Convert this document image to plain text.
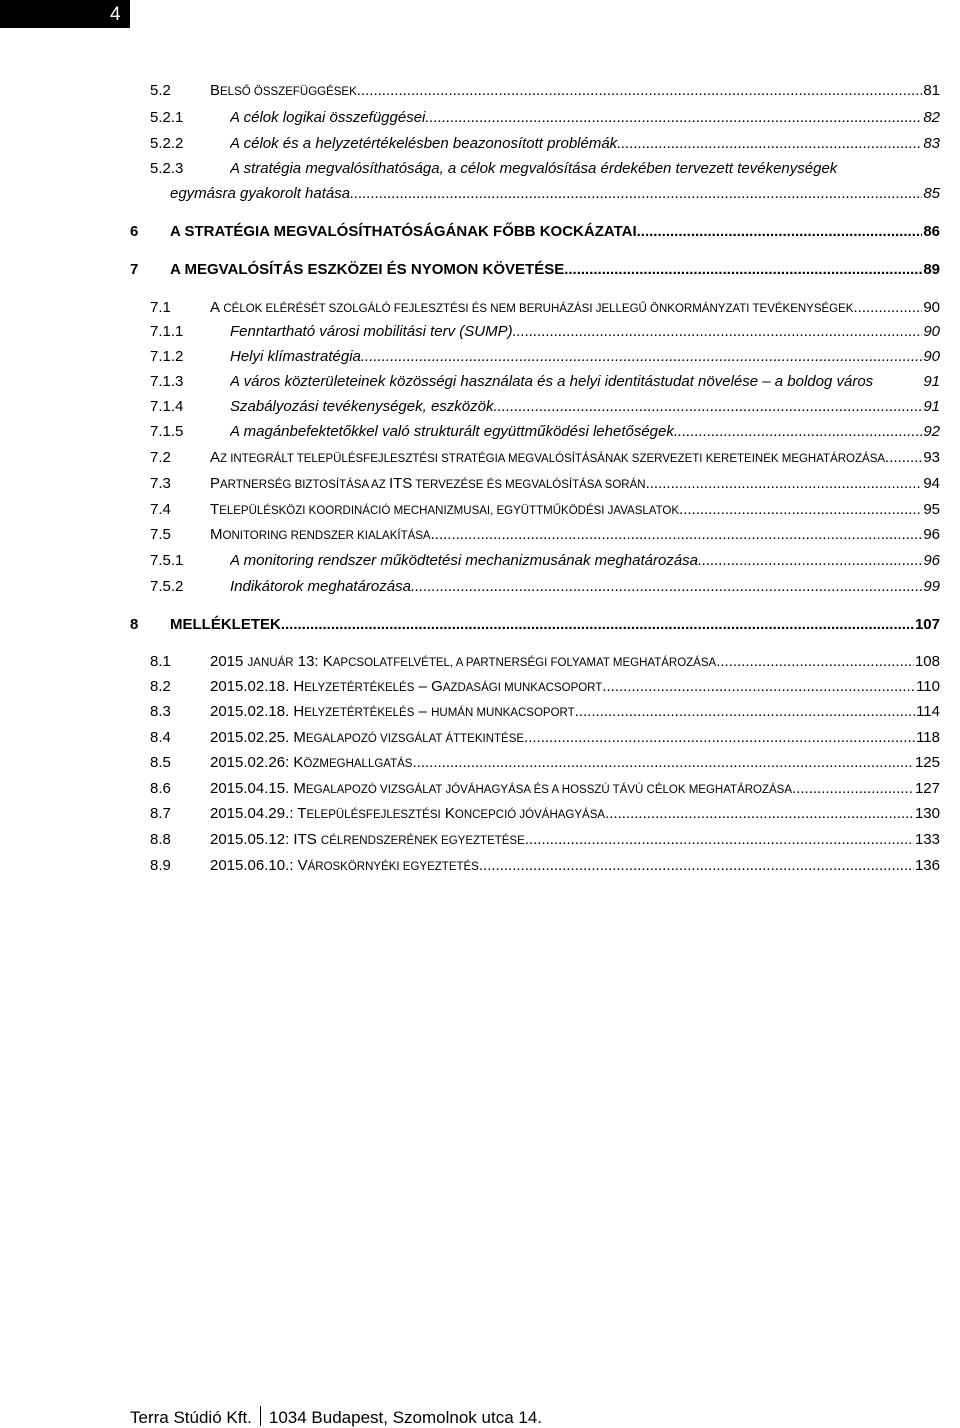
4
5.2	BELSŐ ÖSSZEFÜGGÉSEK .....	81
5.2.1	A célok logikai összefüggései .....	82
5.2.2	A célok és a helyzetértékelésben beazonosított problémák .....	83
5.2.3	A stratégia megvalósíthatósága, a célok megvalósítása érdekében tervezett tevékenységek
egymásra gyakorolt hatása .....	85
6 A STRATÉGIA MEGVALÓSÍTHATÓSÁGÁNAK FŐBB KOCKÁZATAI .....	86
7 A MEGVALÓSÍTÁS ESZKÖZEI ÉS NYOMON KÖVETÉSE .....	89
7.1	A CÉLOK ELÉRÉSÉT SZOLGÁLÓ FEJLESZTÉSI ÉS NEM BERUHÁZÁSI JELLEGŰ ÖNKORMÁNYZATI TEVÉKENYSÉGEK .....	90
7.1.1	Fenntartható városi mobilitási terv (SUMP) .....	90
7.1.2	Helyi klímastratégia .....	90
7.1.3	A város közterületeinek közösségi használata és a helyi identitástudat növelése – a boldog város	91
7.1.4	Szabályozási tevékenységek, eszközök .....	91
7.1.5	A magánbefektetőkkel való strukturált együttműködési lehetőségek .....	92
7.2	AZ INTEGRÁLT TELEPÜLÉSFEJLESZTÉSI STRATÉGIA MEGVALÓSÍTÁSÁNAK SZERVEZETI KERETEINEK MEGHATÁROZÁSA .....	93
7.3	PARTNERSÉG BIZTOSÍTÁSA AZ ITS TERVEZÉSE ÉS MEGVALÓSÍTÁSA SORÁN .....	94
7.4	TELEPÜLÉSKÖZI KOORDINÁCIÓ MECHANIZMUSAI, EGYÜTTMŰKÖDÉSI JAVASLATOK .....	95
7.5	MONITORING RENDSZER KIALAKÍTÁSA .....	96
7.5.1	A monitoring rendszer működtetési mechanizmusának meghatározása .....	96
7.5.2	Indikátorok meghatározása .....	99
8 MELLÉKLETEK .....	107
8.1	2015 JANUÁR 13: KAPCSOLATFELVÉTEL, A PARTNERSÉGI FOLYAMAT MEGHATÁROZÁSA .....	108
8.2	2015.02.18. HELYZETÉRTÉKELÉS – GAZDASÁGI MUNKACSOPORT .....	110
8.3	2015.02.18. HELYZETÉRTÉKELÉS – HUMÁN MUNKACSOPORT .....	114
8.4	2015.02.25. MEGALAPOZÓ VIZSGÁLAT ÁTTEKINTÉSE .....	118
8.5	2015.02.26: KÖZMEGHALLGATÁS .....	125
8.6	2015.04.15. MEGALAPOZÓ VIZSGÁLAT JÓVÁHAGYÁSA ÉS A HOSSZÚ TÁVÚ CÉLOK MEGHATÁROZÁSA .....	127
8.7	2015.04.29.: TELEPÜLÉSFEJLESZTÉSI KONCEPCIÓ JÓVÁHAGYÁSA .....	130
8.8	2015.05.12: ITS CÉLRENDSZERÉNEK EGYEZTETÉSE .....	133
8.9	2015.06.10.: VÁROSKÖRNYÉKI EGYEZTETÉS .....	136
Terra Stúdió Kft. 1034 Budapest, Szomolnok utca 14.
